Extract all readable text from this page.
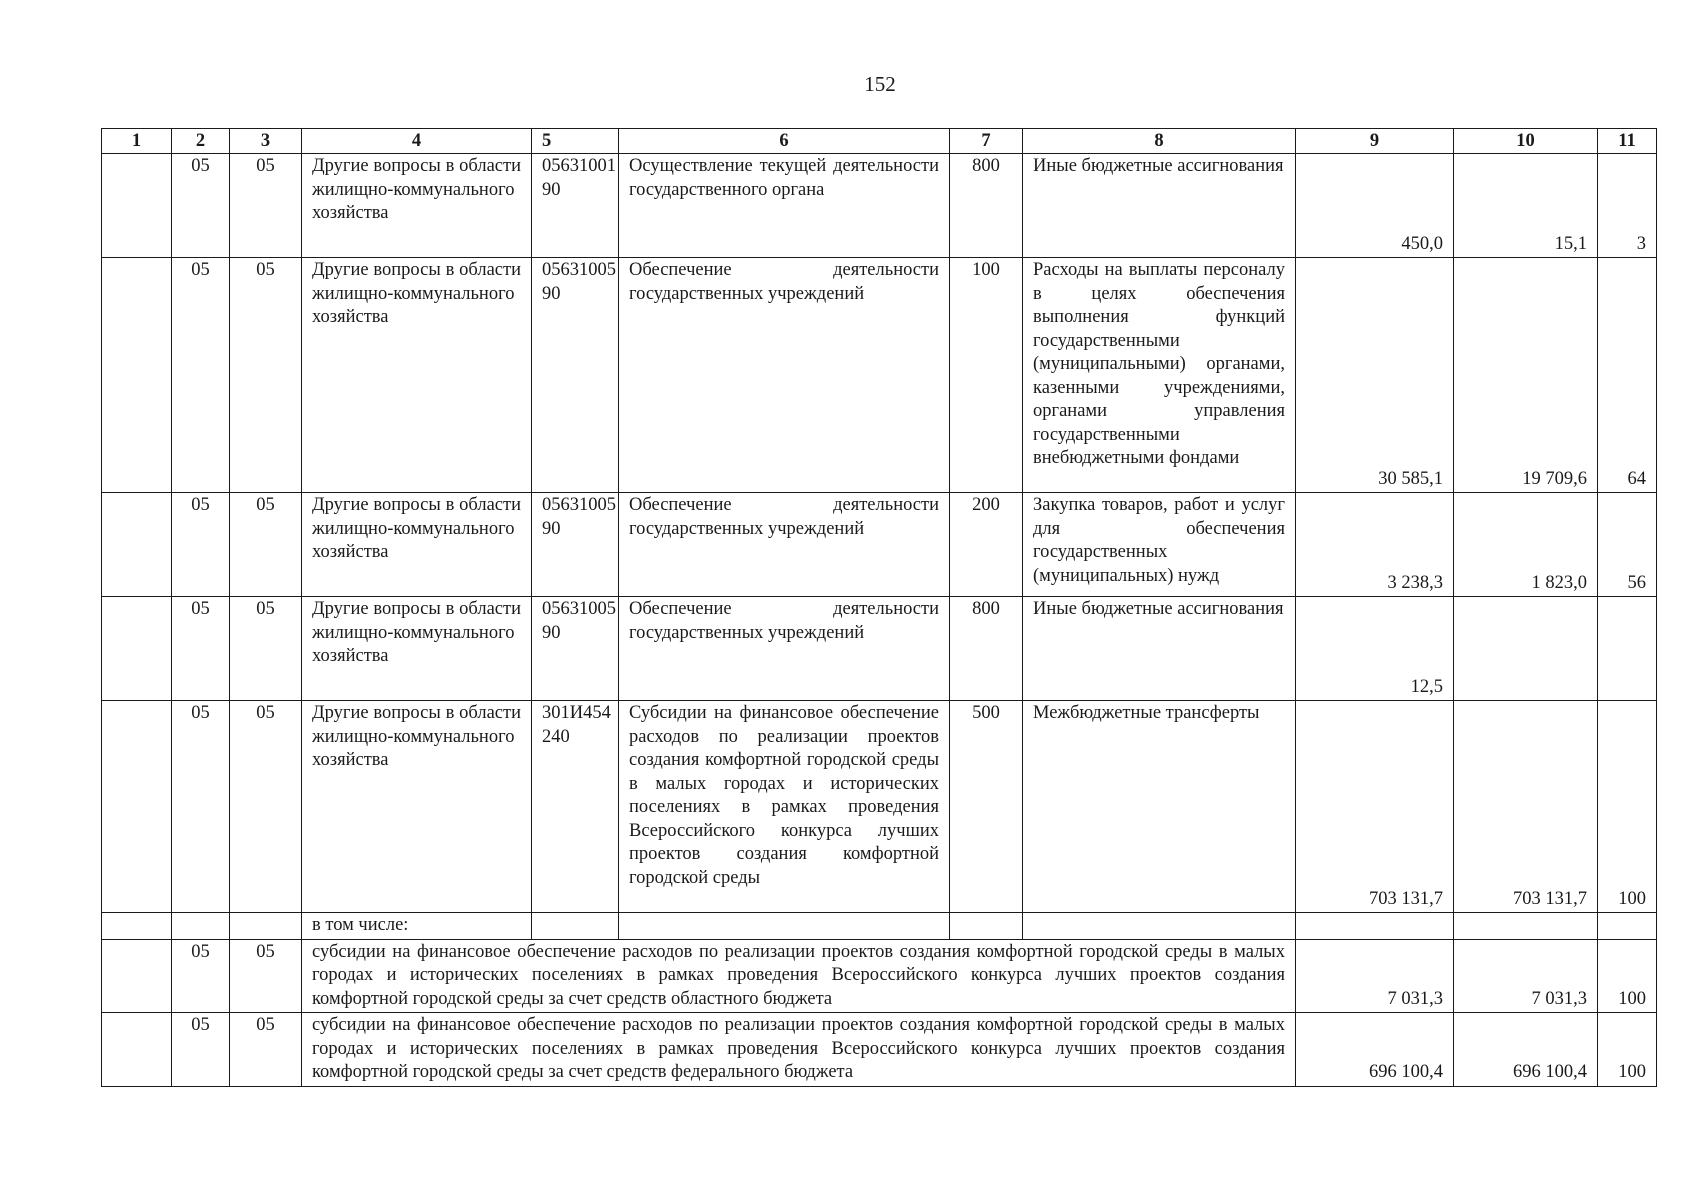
152
1	2	3	4	5	6	7	8	9	10	11
	05	05	Другие вопросы в области жилищно-коммунального хозяйства	0563100190	Осуществление текущей деятельности государственного органа	800	Иные бюджетные ассигнования	450,0	15,1	3
	05	05	Другие вопросы в области жилищно-коммунального хозяйства	0563100590	Обеспечение деятельности государственных учреждений	100	Расходы на выплаты персоналу в целях обеспечения выполнения функций государственными (муниципальными) органами, казенными учреждениями, органами управления государственными внебюджетными фондами	30 585,1	19 709,6	64
	05	05	Другие вопросы в области жилищно-коммунального хозяйства	0563100590	Обеспечение деятельности государственных учреждений	200	Закупка товаров, работ и услуг для обеспечения государственных (муниципальных) нужд	3 238,3	1 823,0	56
	05	05	Другие вопросы в области жилищно-коммунального хозяйства	0563100590	Обеспечение деятельности государственных учреждений	800	Иные бюджетные ассигнования	12,5		
	05	05	Другие вопросы в области жилищно-коммунального хозяйства	301И454240	Субсидии на финансовое обеспечение расходов по реализации проектов создания комфортной городской среды в малых городах и исторических поселениях в рамках проведения Всероссийского конкурса лучших проектов создания комфортной городской среды	500	Межбюджетные трансферты	703 131,7	703 131,7	100
			в том числе:							
	05	05	субсидии на финансовое обеспечение расходов по реализации проектов создания комфортной городской среды в малых городах и исторических поселениях в рамках проведения Всероссийского конкурса лучших проектов создания комфортной городской среды за счет средств областного бюджета					7 031,3	7 031,3	100
	05	05	субсидии на финансовое обеспечение расходов по реализации проектов создания комфортной городской среды в малых городах и исторических поселениях в рамках проведения Всероссийского конкурса лучших проектов создания комфортной городской среды за счет средств федерального бюджета					696 100,4	696 100,4	100
